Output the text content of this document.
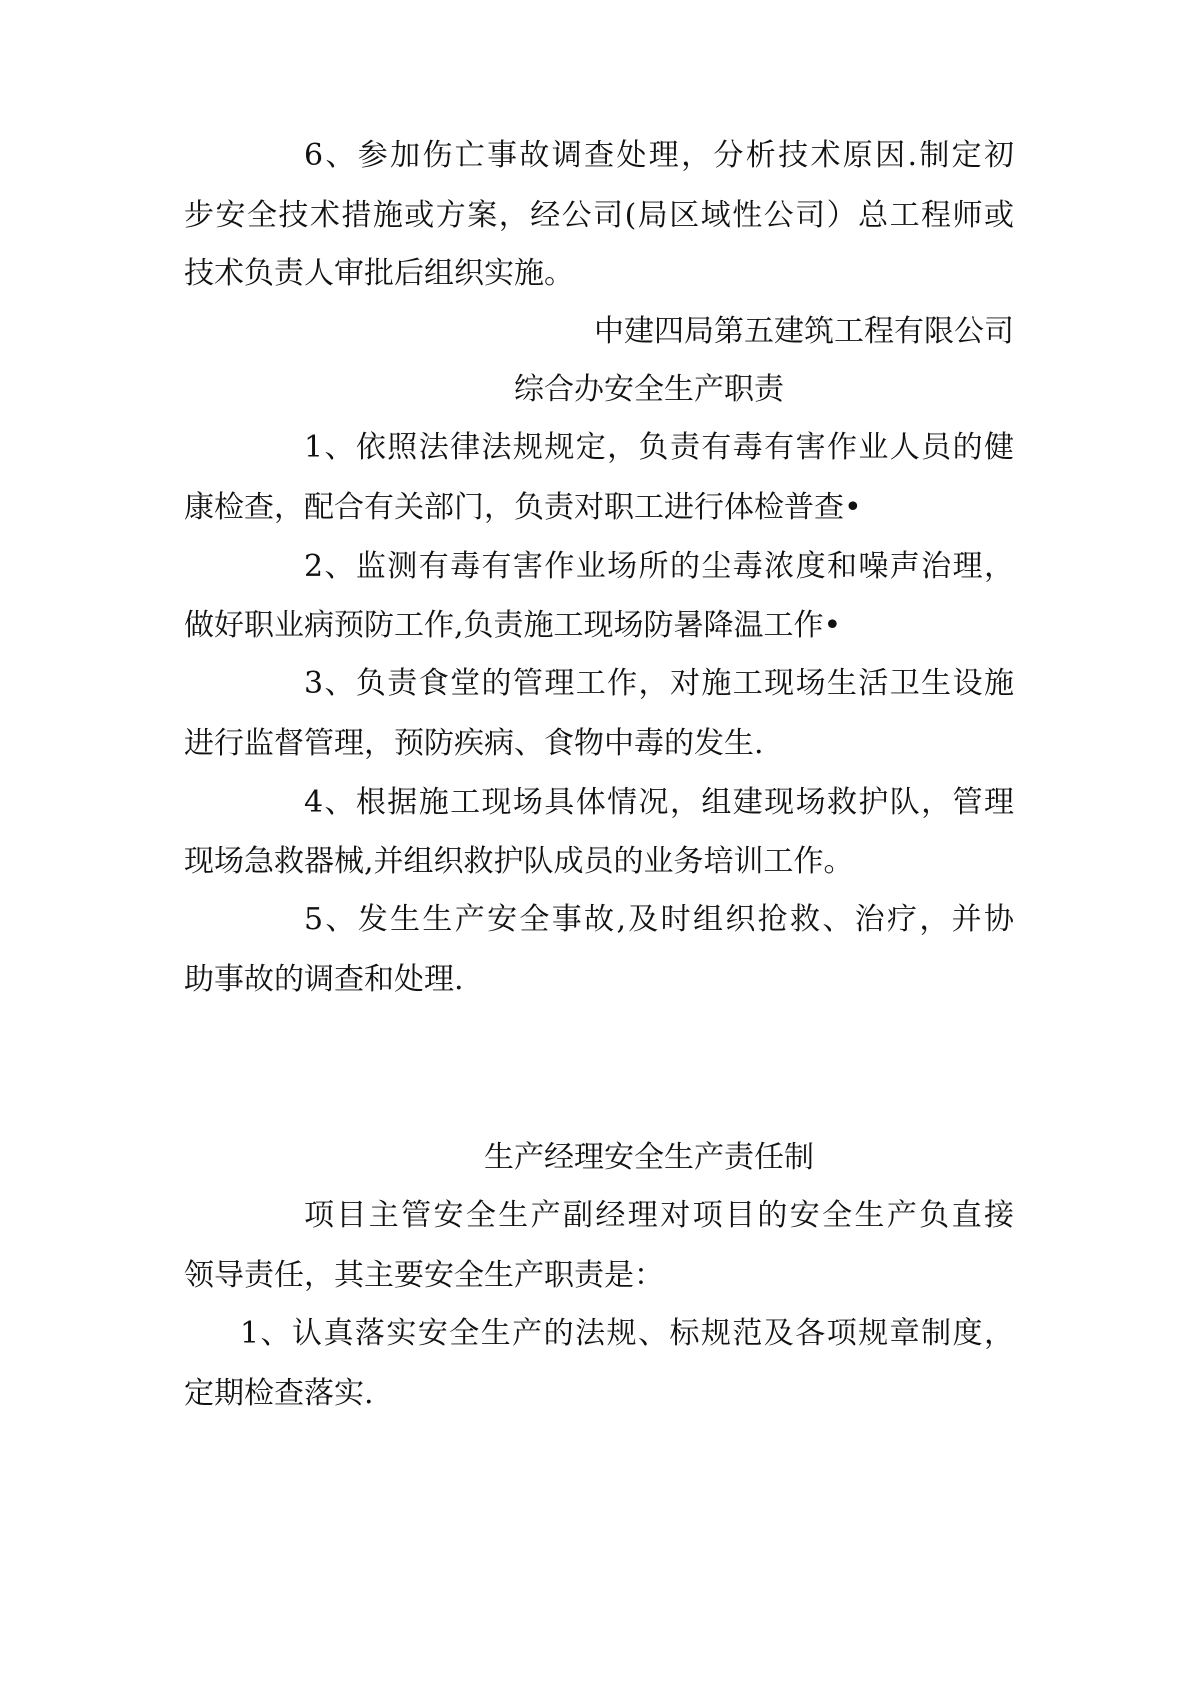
6、参加伤亡事故调查处理，分析技术原因.制定初
步安全技术措施或方案，经公司(局区域性公司）总工程师或
技术负责人审批后组织实施。
中建四局第五建筑工程有限公司
综合办安全生产职责
1、依照法律法规规定，负责有毒有害作业人员的健
康检查，配合有关部门，负责对职工进行体检普查•
2、监测有毒有害作业场所的尘毒浓度和噪声治理，
做好职业病预防工作,负责施工现场防暑降温工作•
3、负责食堂的管理工作，对施工现场生活卫生设施
进行监督管理，预防疾病、食物中毒的发生.
4、根据施工现场具体情况，组建现场救护队，管理
现场急救器械,并组织救护队成员的业务培训工作。
5、发生生产安全事故,及时组织抢救、治疗，并协
助事故的调查和处理.
生产经理安全生产责任制
项目主管安全生产副经理对项目的安全生产负直接
领导责任，其主要安全生产职责是：
1、认真落实安全生产的法规、标规范及各项规章制度，
定期检查落实.
